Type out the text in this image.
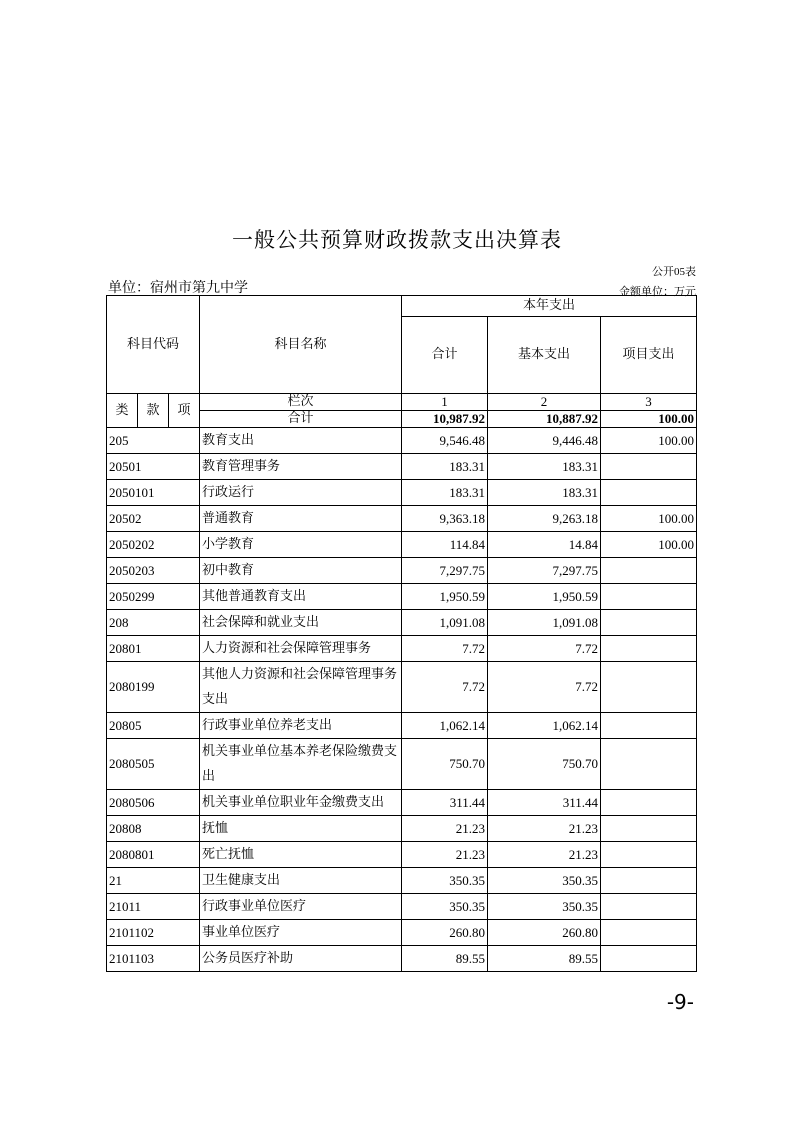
一般公共预算财政拨款支出决算表
公开05表
单位：宿州市第九中学	金额单位：万元
科目代码			科目名称	本年支出		
				合计	基本支出	项目支出
类	款	项	栏次	1	2	3
			合计	10,987.92	10,887.92	100.00
205			教育支出	9,546.48	9,446.48	100.00
20501			教育管理事务	183.31	183.31	
2050101			行政运行	183.31	183.31	
20502			普通教育	9,363.18	9,263.18	100.00
2050202			小学教育	114.84	14.84	100.00
2050203			初中教育	7,297.75	7,297.75	
2050299			其他普通教育支出	1,950.59	1,950.59	
208			社会保障和就业支出	1,091.08	1,091.08	
20801			人力资源和社会保障管理事务	7.72	7.72	
2080199			其他人力资源和社会保障管理事务支出	7.72	7.72	
20805			行政事业单位养老支出	1,062.14	1,062.14	
2080505			机关事业单位基本养老保险缴费支出	750.70	750.70	
2080506			机关事业单位职业年金缴费支出	311.44	311.44	
20808			抚恤	21.23	21.23	
2080801			死亡抚恤	21.23	21.23	
21			卫生健康支出	350.35	350.35	
21011			行政事业单位医疗	350.35	350.35	
2101102			事业单位医疗	260.80	260.80	
2101103			公务员医疗补助	89.55	89.55	
-9-
